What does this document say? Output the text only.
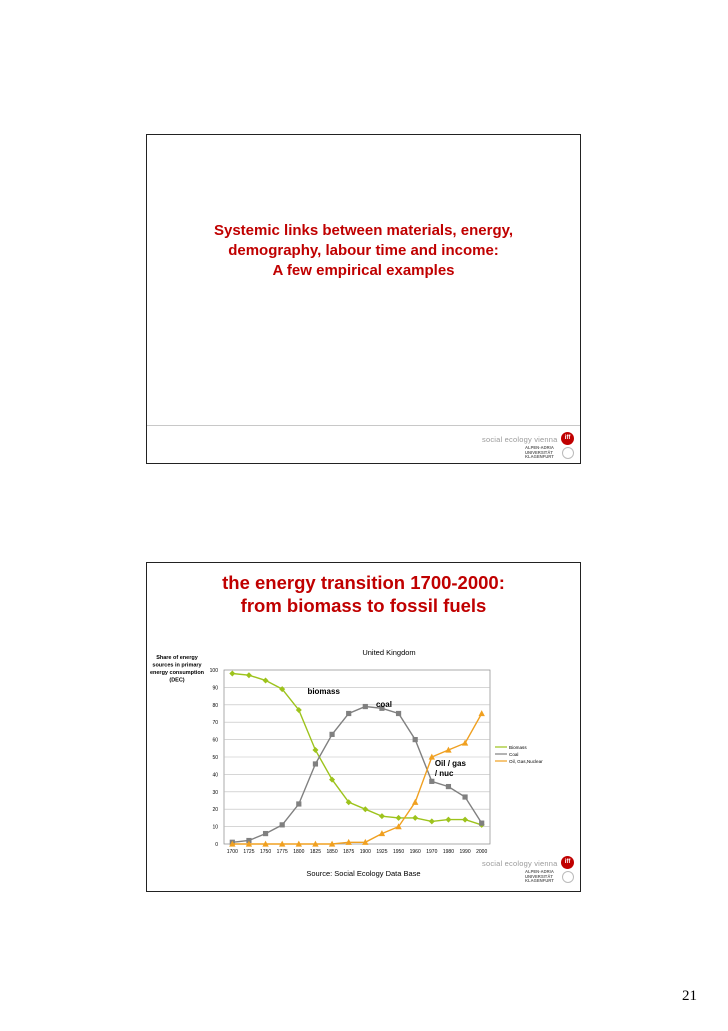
Systemic links between materials, energy,
demography, labour time and income:
A few empirical examples
social ecology vienna	iff
ALPEN-ADRIA
UNIVERSITÄT
KLAGENFURT
the energy transition 1700-2000:
from biomass to fossil fuels
0
10
20
30
40
50
60
70
80
90
100
1700 1725 1750 1775 1800 1825 1850 1875 1900 1925 1950 1960 1970 1980 1990 2000
United Kingdom
Share of energy
sources in primary
energy consumption
(DEC)
biomass
coal
Oil / gas
/ nuc
Biomass
Coal
Oil, Gas,Nuclear
Source: Social Ecology Data Base
social ecology vienna	iff
ALPEN-ADRIA
UNIVERSITÄT
KLAGENFURT
21
